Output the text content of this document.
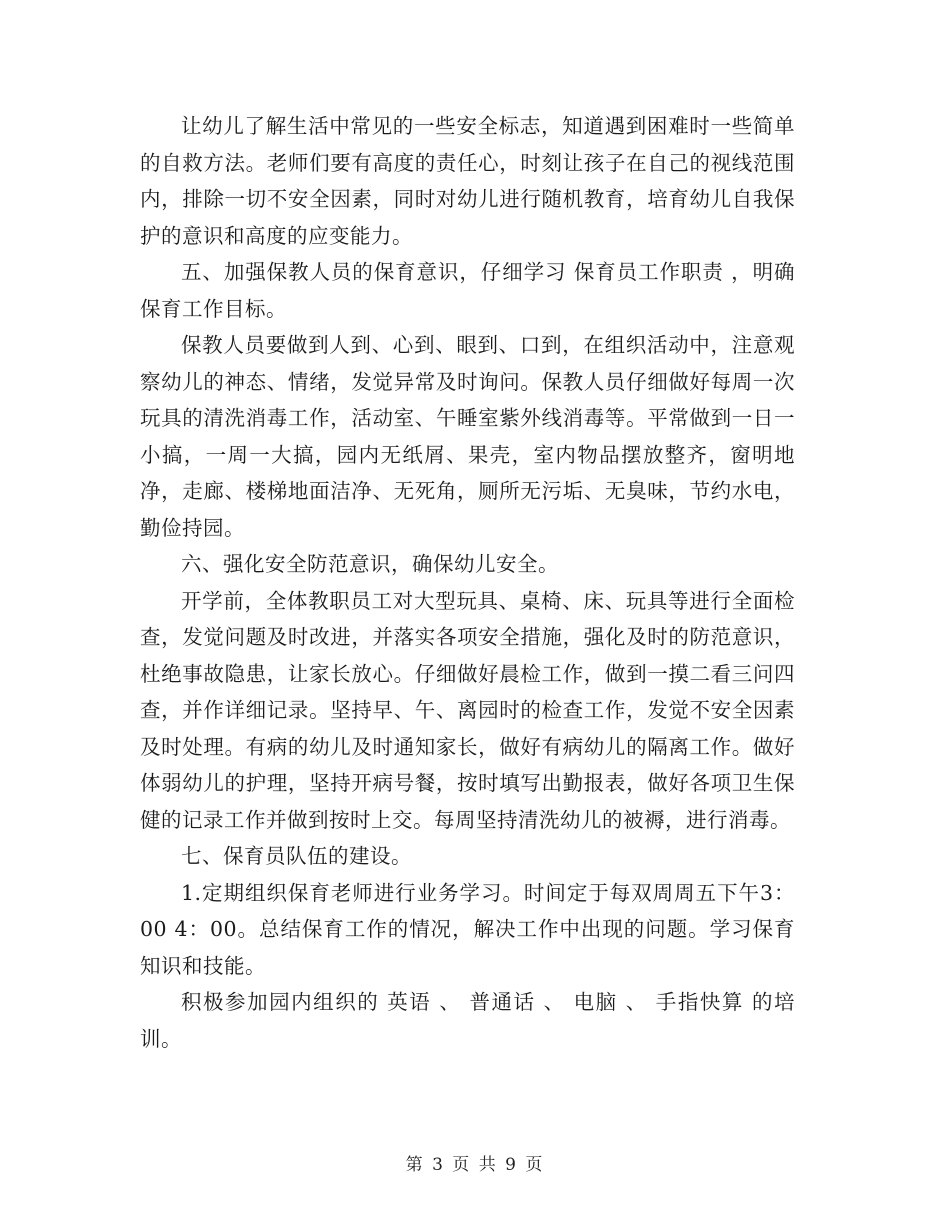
让幼儿了解生活中常见的一些安全标志，知道遇到困难时一些简单的自救方法。老师们要有高度的责任心，时刻让孩子在自己的视线范围内，排除一切不安全因素，同时对幼儿进行随机教育，培育幼儿自我保护的意识和高度的应变能力。

五、加强保教人员的保育意识，仔细学习 保育员工作职责 ，明确保育工作目标。

保教人员要做到人到、心到、眼到、口到，在组织活动中，注意观察幼儿的神态、情绪，发觉异常及时询问。保教人员仔细做好每周一次玩具的清洗消毒工作，活动室、午睡室紫外线消毒等。平常做到一日一小搞，一周一大搞，园内无纸屑、果壳，室内物品摆放整齐，窗明地净，走廊、楼梯地面洁净、无死角，厕所无污垢、无臭味，节约水电，勤俭持园。

六、强化安全防范意识，确保幼儿安全。

开学前，全体教职员工对大型玩具、桌椅、床、玩具等进行全面检查，发觉问题及时改进，并落实各项安全措施，强化及时的防范意识，杜绝事故隐患，让家长放心。仔细做好晨检工作，做到一摸二看三问四查，并作详细记录。坚持早、午、离园时的检查工作，发觉不安全因素及时处理。有病的幼儿及时通知家长，做好有病幼儿的隔离工作。做好体弱幼儿的护理，坚持开病号餐，按时填写出勤报表，做好各项卫生保健的记录工作并做到按时上交。每周坚持清洗幼儿的被褥，进行消毒。

七、保育员队伍的建设。

1.定期组织保育老师进行业务学习。时间定于每双周周五下午3：00 4：00。总结保育工作的情况，解决工作中出现的问题。学习保育知识和技能。

积极参加园内组织的 英语 、 普通话 、 电脑 、 手指快算 的培训。

第 3 页 共 9 页
